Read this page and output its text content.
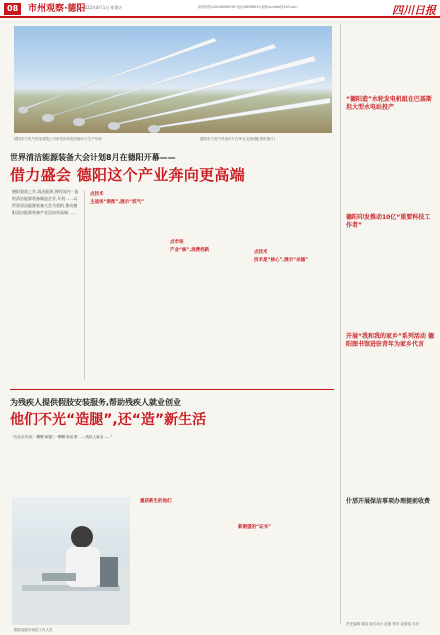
08	市州观察·德阳
2022年8月1日 星期五	新闻热线:028-86968789 电话:86968853 邮箱:scrbbjb@163.com	四川日报
德阳东方电气风电有限公司研发的风电机组叶片生产车间	德阳东方电气风电叶片在华北 赵海/摄(资料图片)
世界清洁能源装备大会计划8月在德阳开幕——
借力盛会 德阳这个产业奔向更高端
德阳重装之乡,清洁能源,拥有国内一流的清洁能源装备制造企业,开展……以世界清洁能源装备大会为契机,推动德阳清洁能源装备产业迈向更高端……
点技术
主战场“领衔”,展示“底气”
点市场
产业“核”,消费档新	点技术
技术是“核心”,展示“杀器”
为残疾人提供假肢安装服务,帮助残疾人就业创业
他们不光“造腿”,还“造”新生活
“在北京东南,一颗颗‘新腿’,一颗颗‘新希望’……残疾人就业……”
假肢装配车间的工作人员
重获新生的他们
新期望的“证书”
“德阳造”水轮发电机组在巴基斯坦大型水电站投产
德阳印发推动10亿“重要科技工作者”
开展“我和我的家乡”系列活动 德阳图书馆进驻青年为家乡代言
什邡开展保洁事项办理提前收费
责任编辑 谢蓓 版式设计 赵艳 校对 赵晓星 吴庆
